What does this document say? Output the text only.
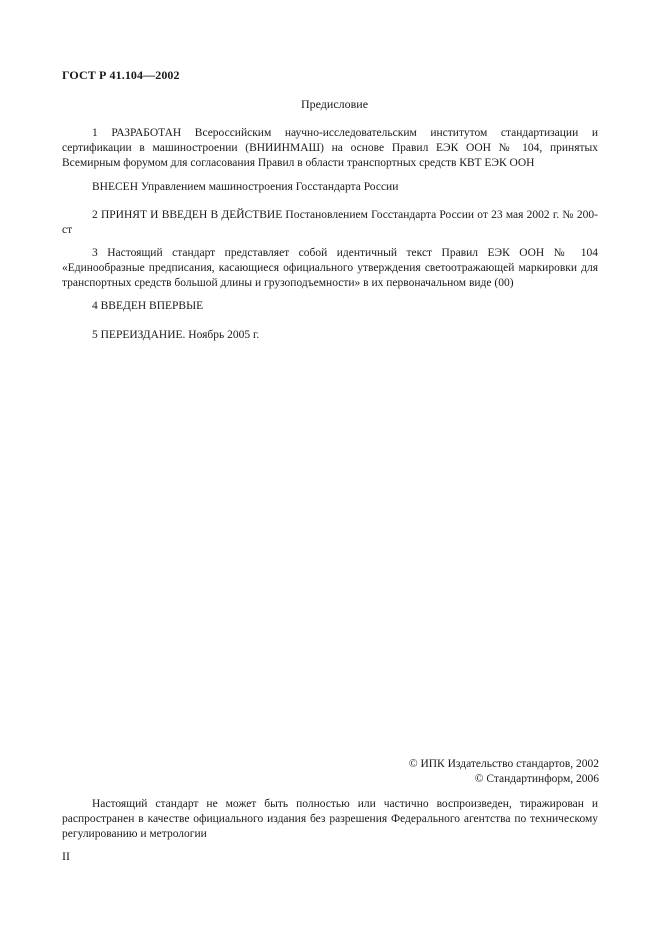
ГОСТ Р 41.104—2002
Предисловие
1 РАЗРАБОТАН Всероссийским научно-исследовательским институтом стандартизации и сертификации в машиностроении (ВНИИНМАШ) на основе Правил ЕЭК ООН № 104, принятых Всемирным форумом для согласования Правил в области транспортных средств КВТ ЕЭК ООН
ВНЕСЕН Управлением машиностроения Госстандарта России
2 ПРИНЯТ И ВВЕДЕН В ДЕЙСТВИЕ Постановлением Госстандарта России от 23 мая 2002 г. № 200-ст
3 Настоящий стандарт представляет собой идентичный текст Правил ЕЭК ООН № 104 «Единообразные предписания, касающиеся официального утверждения светоотражающей маркировки для транспортных средств большой длины и грузоподъемности» в их первоначальном виде (00)
4 ВВЕДЕН ВПЕРВЫЕ
5 ПЕРЕИЗДАНИЕ. Ноябрь 2005 г.
© ИПК Издательство стандартов, 2002
© Стандартинформ, 2006
Настоящий стандарт не может быть полностью или частично воспроизведен, тиражирован и распространен в качестве официального издания без разрешения Федерального агентства по техническому регулированию и метрологии
II
